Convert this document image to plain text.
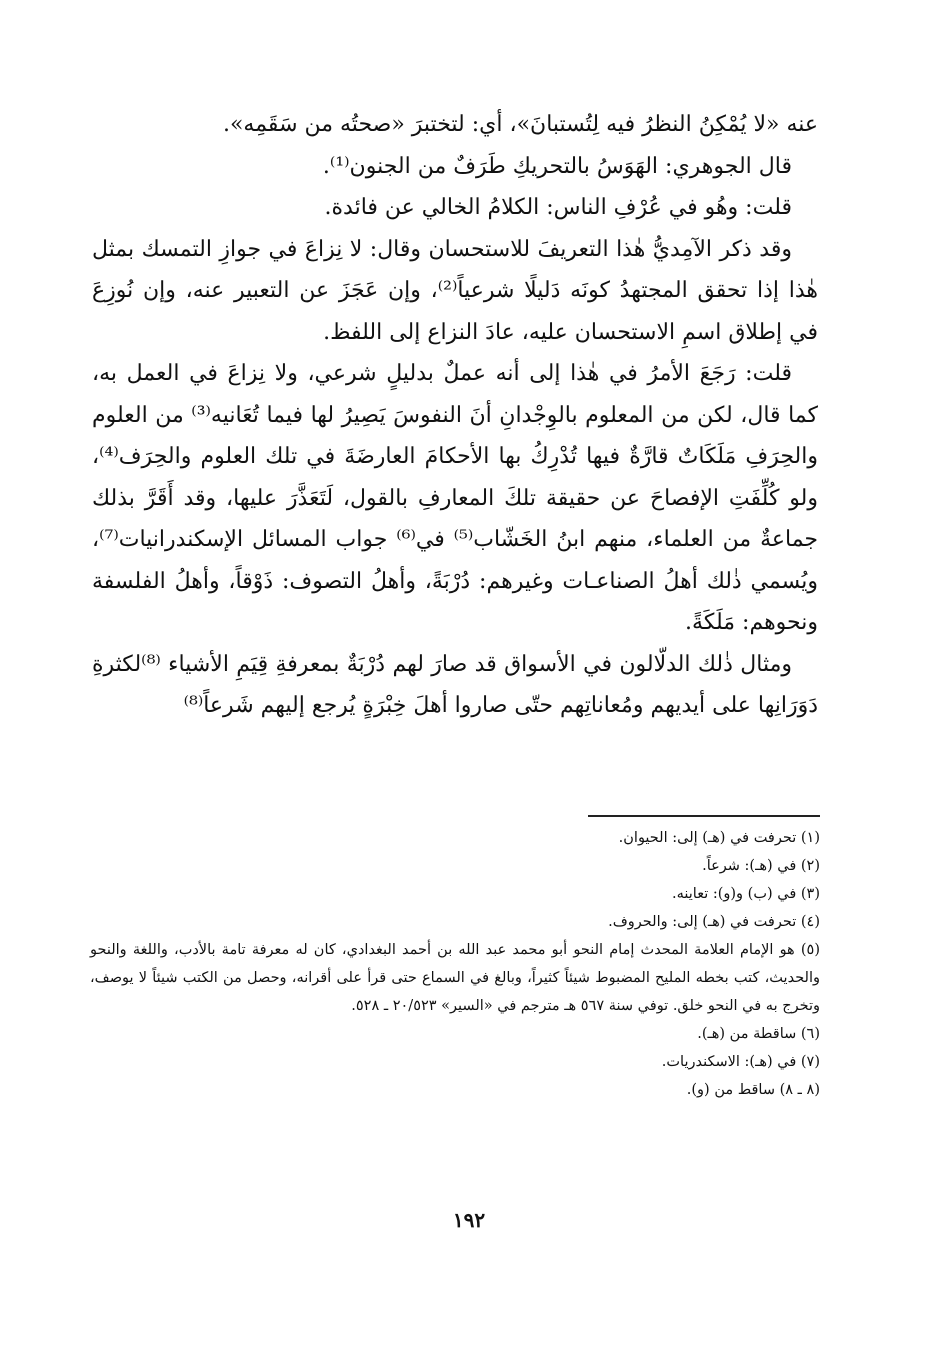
عنه «لا يُمْكِنُ النظرُ فيه لِتُستبانَ»، أي: لتختبرَ «صحتُه من سَقَمِه».

قال الجوهري: الهَوَسُ بالتحريكِ طَرَفٌ من الجنون⁽¹⁾.

قلت: وهُو في عُرْفِ الناس: الكلامُ الخالي عن فائدة.

وقد ذكر الآمِديُّ هٰذا التعريفَ للاستحسان وقال: لا نِزاعَ في جوازِ التمسك بمثل هٰذا إذا تحقق المجتهدُ كونَه دَليلًا شرعياً⁽²⁾، وإن عَجَزَ عن التعبير عنه، وإن نُوزِعَ في إطلاق اسمِ الاستحسان عليه، عادَ النزاع إلى اللفظ.

قلت: رَجَعَ الأمرُ في هٰذا إلى أنه عملٌ بدليلٍ شرعي، ولا نِزاعَ في العمل به، كما قال، لكن من المعلوم بالوِجْدانِ أنَ النفوسَ يَصِيرُ لها فيما تُعَانيه⁽³⁾ من العلوم والحِرَفِ مَلَكَاتٌ قارَّةٌ فيها تُدْرِكُ بها الأحكامَ العارضَةَ في تلك العلوم والحِرَف⁽⁴⁾، ولو كُلِّفَتِ الإفصاحَ عن حقيقة تلكَ المعارفِ بالقول، لَتَعَذَّرَ عليها، وقد أَقَرَّ بذلك جماعةٌ من العلماء، منهم ابنُ الخَشّاب⁽⁵⁾ في⁽⁶⁾ جواب المسائل الإسكندرانيات⁽⁷⁾، ويُسمي ذٰلك أهلُ الصناعـات وغيرهم: دُرْبَةً، وأهلُ التصوف: ذَوْقاً، وأهلُ الفلسفة ونحوهم: مَلَكَةً.

ومثال ذٰلك الدلّالون في الأسواق قد صارَ لهم دُرْبَةٌ بمعرفةِ قِيَمِ الأشياء ⁽⁸⁾لكثرةِ دَوَرَانِها على أيديهم ومُعاناتِهم حتّى صاروا أهلَ خِبْرَةٍ يُرجع إليهم شَرعاً⁽⁸⁾

(١) تحرفت في (هـ) إلى: الحيوان.

(٢) في (هـ): شرعاً.

(٣) في (ب) و(و): تعاينه.

(٤) تحرفت في (هـ) إلى: والحروف.

(٥) هو الإمام العلامة المحدث إمام النحو أبو محمد عبد الله بن أحمد البغدادي، كان له معرفة تامة بالأدب، واللغة والنحو والحديث، كتب بخطه المليح المضبوط شيئاً كثيراً، وبالغ في السماع حتى قرأ على أقرانه، وحصل من الكتب شيئاً لا يوصف، وتخرج به في النحو خلق. توفي سنة ٥٦٧ هـ مترجم في «السير» ٢٠/٥٢٣ ـ ٥٢٨.

(٦) ساقطة من (هـ).

(٧) في (هـ): الاسكندريات.

(٨ ـ ٨) ساقط من (و).

١٩٢
